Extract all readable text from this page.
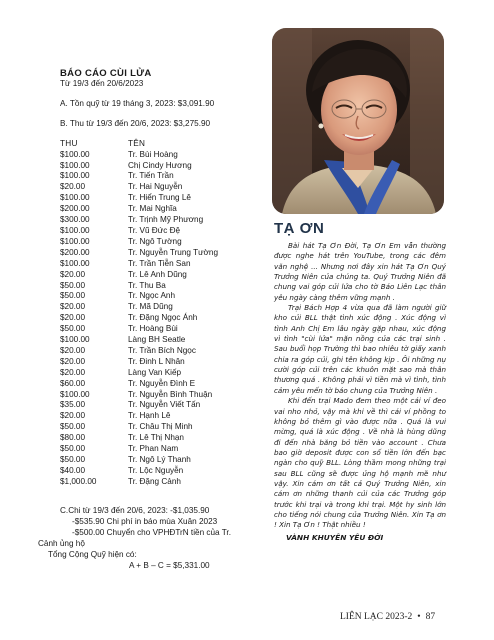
BÁO CÁO CÙI LỬA
Từ 19/3 đến 20/6/2023
A. Tồn quỹ từ 19 tháng 3, 2023: $3,091.90
B. Thu từ 19/3 đến 20/6, 2023: $3,275.90
THU	TÊN
$100.00	Tr. Bùi Hoàng
$100.00	Chị Cindy Hương
$100.00	Tr. Tiến Trần
$20.00	Tr. Hai Nguyễn
$100.00	Tr. Hiển Trung Lê
$200.00	Tr. Mai Nghĩa
$300.00	Tr. Trịnh Mỹ Phương
$100.00	Tr. Vũ Đức Đệ
$100.00	Tr. Ngô Tường
$200.00	Tr. Nguyễn Trung Tường
$100.00	Tr. Trần Tiễn San
$20.00	Tr. Lê Anh Dũng
$50.00	Tr. Thu Ba
$50.00	Tr. Ngọc Anh
$20.00	Tr. Mã Dũng
$20.00	Tr. Đặng Ngọc Ánh
$50.00	Tr. Hoàng Bùi
$100.00	Làng BH Seatle
$20.00	Tr. Trần Bích Ngọc
$20.00	Tr. Đinh L Nhân
$20.00	Làng Van Kiếp
$60.00	Tr. Nguyễn Đình E
$100.00	Tr. Nguyễn Bình Thuận
$35.00	Tr. Nguyễn Viết Tấn
$20.00	Tr. Hạnh Lê
$50.00	Tr. Châu Thị Minh
$80.00	Tr. Lê Thị Nhạn
$50.00	Tr. Phan Nam
$50.00	Tr. Ngô Lý Thanh
$40.00	Tr. Lộc Nguyễn
$1,000.00	Tr. Đặng Cảnh
C.Chi từ 19/3 đến 20/6, 2023: -$1,035.90
-$535.90 Chi phí in báo mùa Xuân 2023
-$500.00 Chuyển cho VPHĐTrN tiền của Tr.
Cảnh ủng hộ
Tổng Cộng Quỹ hiện có:
A + B – C = $5,331.00
TẠ ƠN

Bài hát Tạ Ơn Đời, Tạ Ơn Em vẫn thường được nghe hát trên YouTube, trong các đêm văn nghệ ... Nhưng nơi đây xin hát Tạ Ơn Quý Trưởng Niên của chúng ta. Quý Trưởng Niên đã chung vai góp củi lửa cho tờ Báo Liên Lạc thân yêu ngày càng thêm vững mạnh .

Trại Bách Hợp 4 vừa qua đã làm người giữ kho củi BLL thật tình xúc động . Xúc động vì tình Anh Chị Em lâu ngày gặp nhau, xúc động vì tình "cùi lửa" mặn nồng của các trại sinh . Sau buổi họp Trường thì bao nhiêu tờ giấy xanh chia ra góp củi, ghi tên không kịp . Ôi những nụ cười góp củi trên các khuôn mặt sao mà thân thương quá . Không phải vì tiền mà vì tình, tình cảm yêu mến tờ báo chung của Trưởng Niên .

Khi đến trại Mado đem theo một cái ví đeo vai nho nhỏ, vậy mà khi về thì cái ví phồng to không bỏ thêm gì vào được nữa . Quá là vui mừng, quá là xúc động . Về nhà là hùng dũng đi đến nhà băng bỏ tiền vào account . Chưa bao giờ deposit được con số tiền lớn đến bạc ngàn cho quỹ BLL. Lòng thầm mong những trại sau BLL cũng sẽ được ủng hộ mạnh mẽ như vậy. Xin cám ơn tất cả Quý Trưởng Niên, xin cám ơn những thanh củi của các Trưởng góp trước khi trại và trong khi trại. Một hy sinh lớn cho tiếng nói chung của Trưởng Niên. Xin Tạ ơn ! Xin Tạ Ơn ! Thật nhiều !

VÀNH KHUYÊN YÊU ĐỜI
LIÊN LẠC 2023-2 • 87
